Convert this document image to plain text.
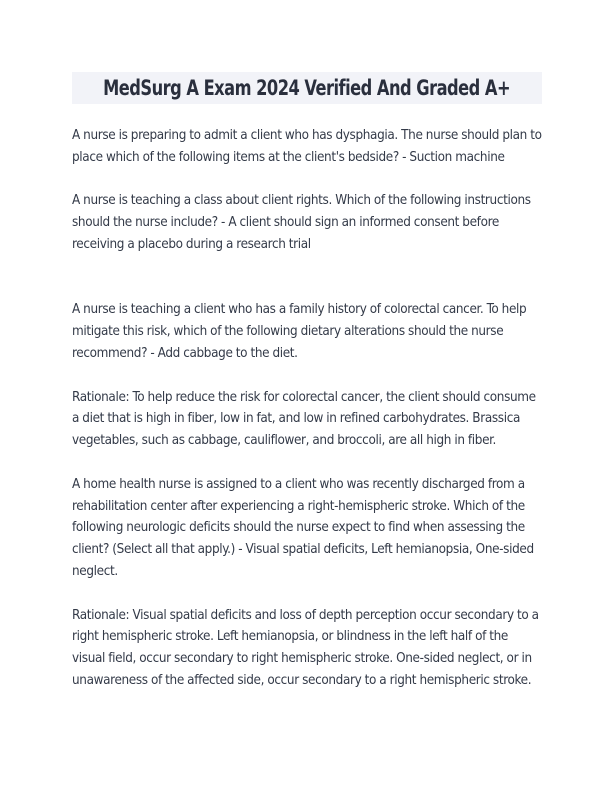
MedSurg A Exam 2024 Verified And Graded A+

A nurse is preparing to admit a client who has dysphagia. The nurse should plan to place which of the following items at the client's bedside? - Suction machine

A nurse is teaching a class about client rights. Which of the following instructions should the nurse include? - A client should sign an informed consent before receiving a placebo during a research trial

A nurse is teaching a client who has a family history of colorectal cancer. To help mitigate this risk, which of the following dietary alterations should the nurse recommend? - Add cabbage to the diet.

Rationale: To help reduce the risk for colorectal cancer, the client should consume a diet that is high in fiber, low in fat, and low in refined carbohydrates. Brassica vegetables, such as cabbage, cauliflower, and broccoli, are all high in fiber.

A home health nurse is assigned to a client who was recently discharged from a rehabilitation center after experiencing a right-hemispheric stroke. Which of the following neurologic deficits should the nurse expect to find when assessing the client? (Select all that apply.) - Visual spatial deficits, Left hemianopsia, One-sided neglect.

Rationale: Visual spatial deficits and loss of depth perception occur secondary to a right hemispheric stroke. Left hemianopsia, or blindness in the left half of the visual field, occur secondary to right hemispheric stroke. One-sided neglect, or in unawareness of the affected side, occur secondary to a right hemispheric stroke.
